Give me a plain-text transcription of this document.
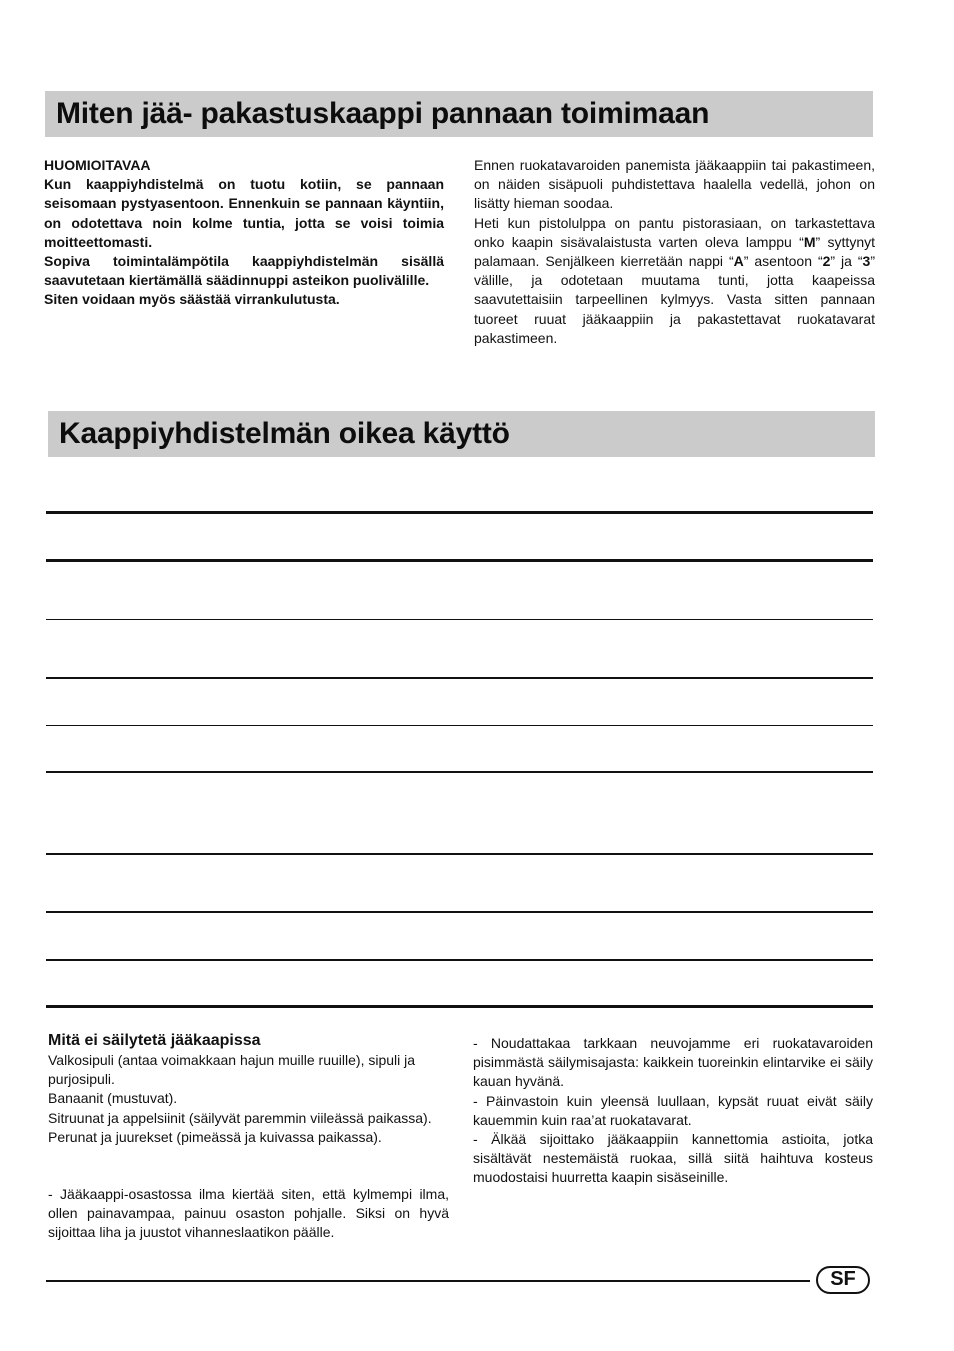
Miten jää- pakastuskaappi pannaan toimimaan

HUOMIOITAVAA

Kun kaappiyhdistelmä on tuotu kotiin, se pannaan seisomaan pystyasentoon. Ennenkuin se pannaan käyntiin, on odotettava noin kolme tuntia, jotta se voisi toimia moitteettomasti.

Sopiva toimintalämpötila kaappiyhdistelmän sisällä saavutetaan kiertämällä säädinnuppi asteikon puolivälille.

Siten voidaan myös säästää virrankulutusta.

Ennen ruokatavaroiden panemista jääkaappiin tai pakastimeen, on näiden sisäpuoli puhdistettava haalella vedellä, johon on lisätty hieman soodaa.

Heti kun pistolulppa on pantu pistorasiaan, on tarkastettava onko kaapin sisävalaistusta varten oleva lamppu “M” syttynyt palamaan. Senjälkeen kierretään nappi “A” asentoon “2” ja “3” välille, ja odotetaan muutama tunti, jotta kaapeissa saavutettaisiin tarpeellinen kylmyys. Vasta sitten pannaan tuoreet ruuat jääkaappiin ja pakastettavat ruokatavarat pakastimeen.

Kaappiyhdistelmän oikea käyttö

Mitä ei säilytetä jääkaapissa

Valkosipuli (antaa voimakkaan hajun muille ruuille), sipuli ja purjosipuli.

Banaanit (mustuvat).

Sitruunat ja appelsiinit (säilyvät paremmin viileässä paikassa).

Perunat ja juurekset (pimeässä ja kuivassa paikassa).

- Jääkaappi-osastossa ilma kiertää siten, että kylmempi ilma, ollen painavampaa, painuu osaston pohjalle. Siksi on hyvä sijoittaa liha ja juustot vihanneslaatikon päälle.

- Noudattakaa tarkkaan neuvojamme eri ruokatavaroiden pisimmästä säilymisajasta: kaikkein tuoreinkin elintarvike ei säily kauan hyvänä.

- Päinvastoin kuin yleensä luullaan, kypsät ruuat eivät säily kauemmin kuin raa’at ruokatavarat.

- Älkää sijoittako jääkaappiin kannettomia astioita, jotka sisältävät nestemäistä ruokaa, sillä siitä haihtuva kosteus muodostaisi huurretta kaapin sisäseinille.

SF
